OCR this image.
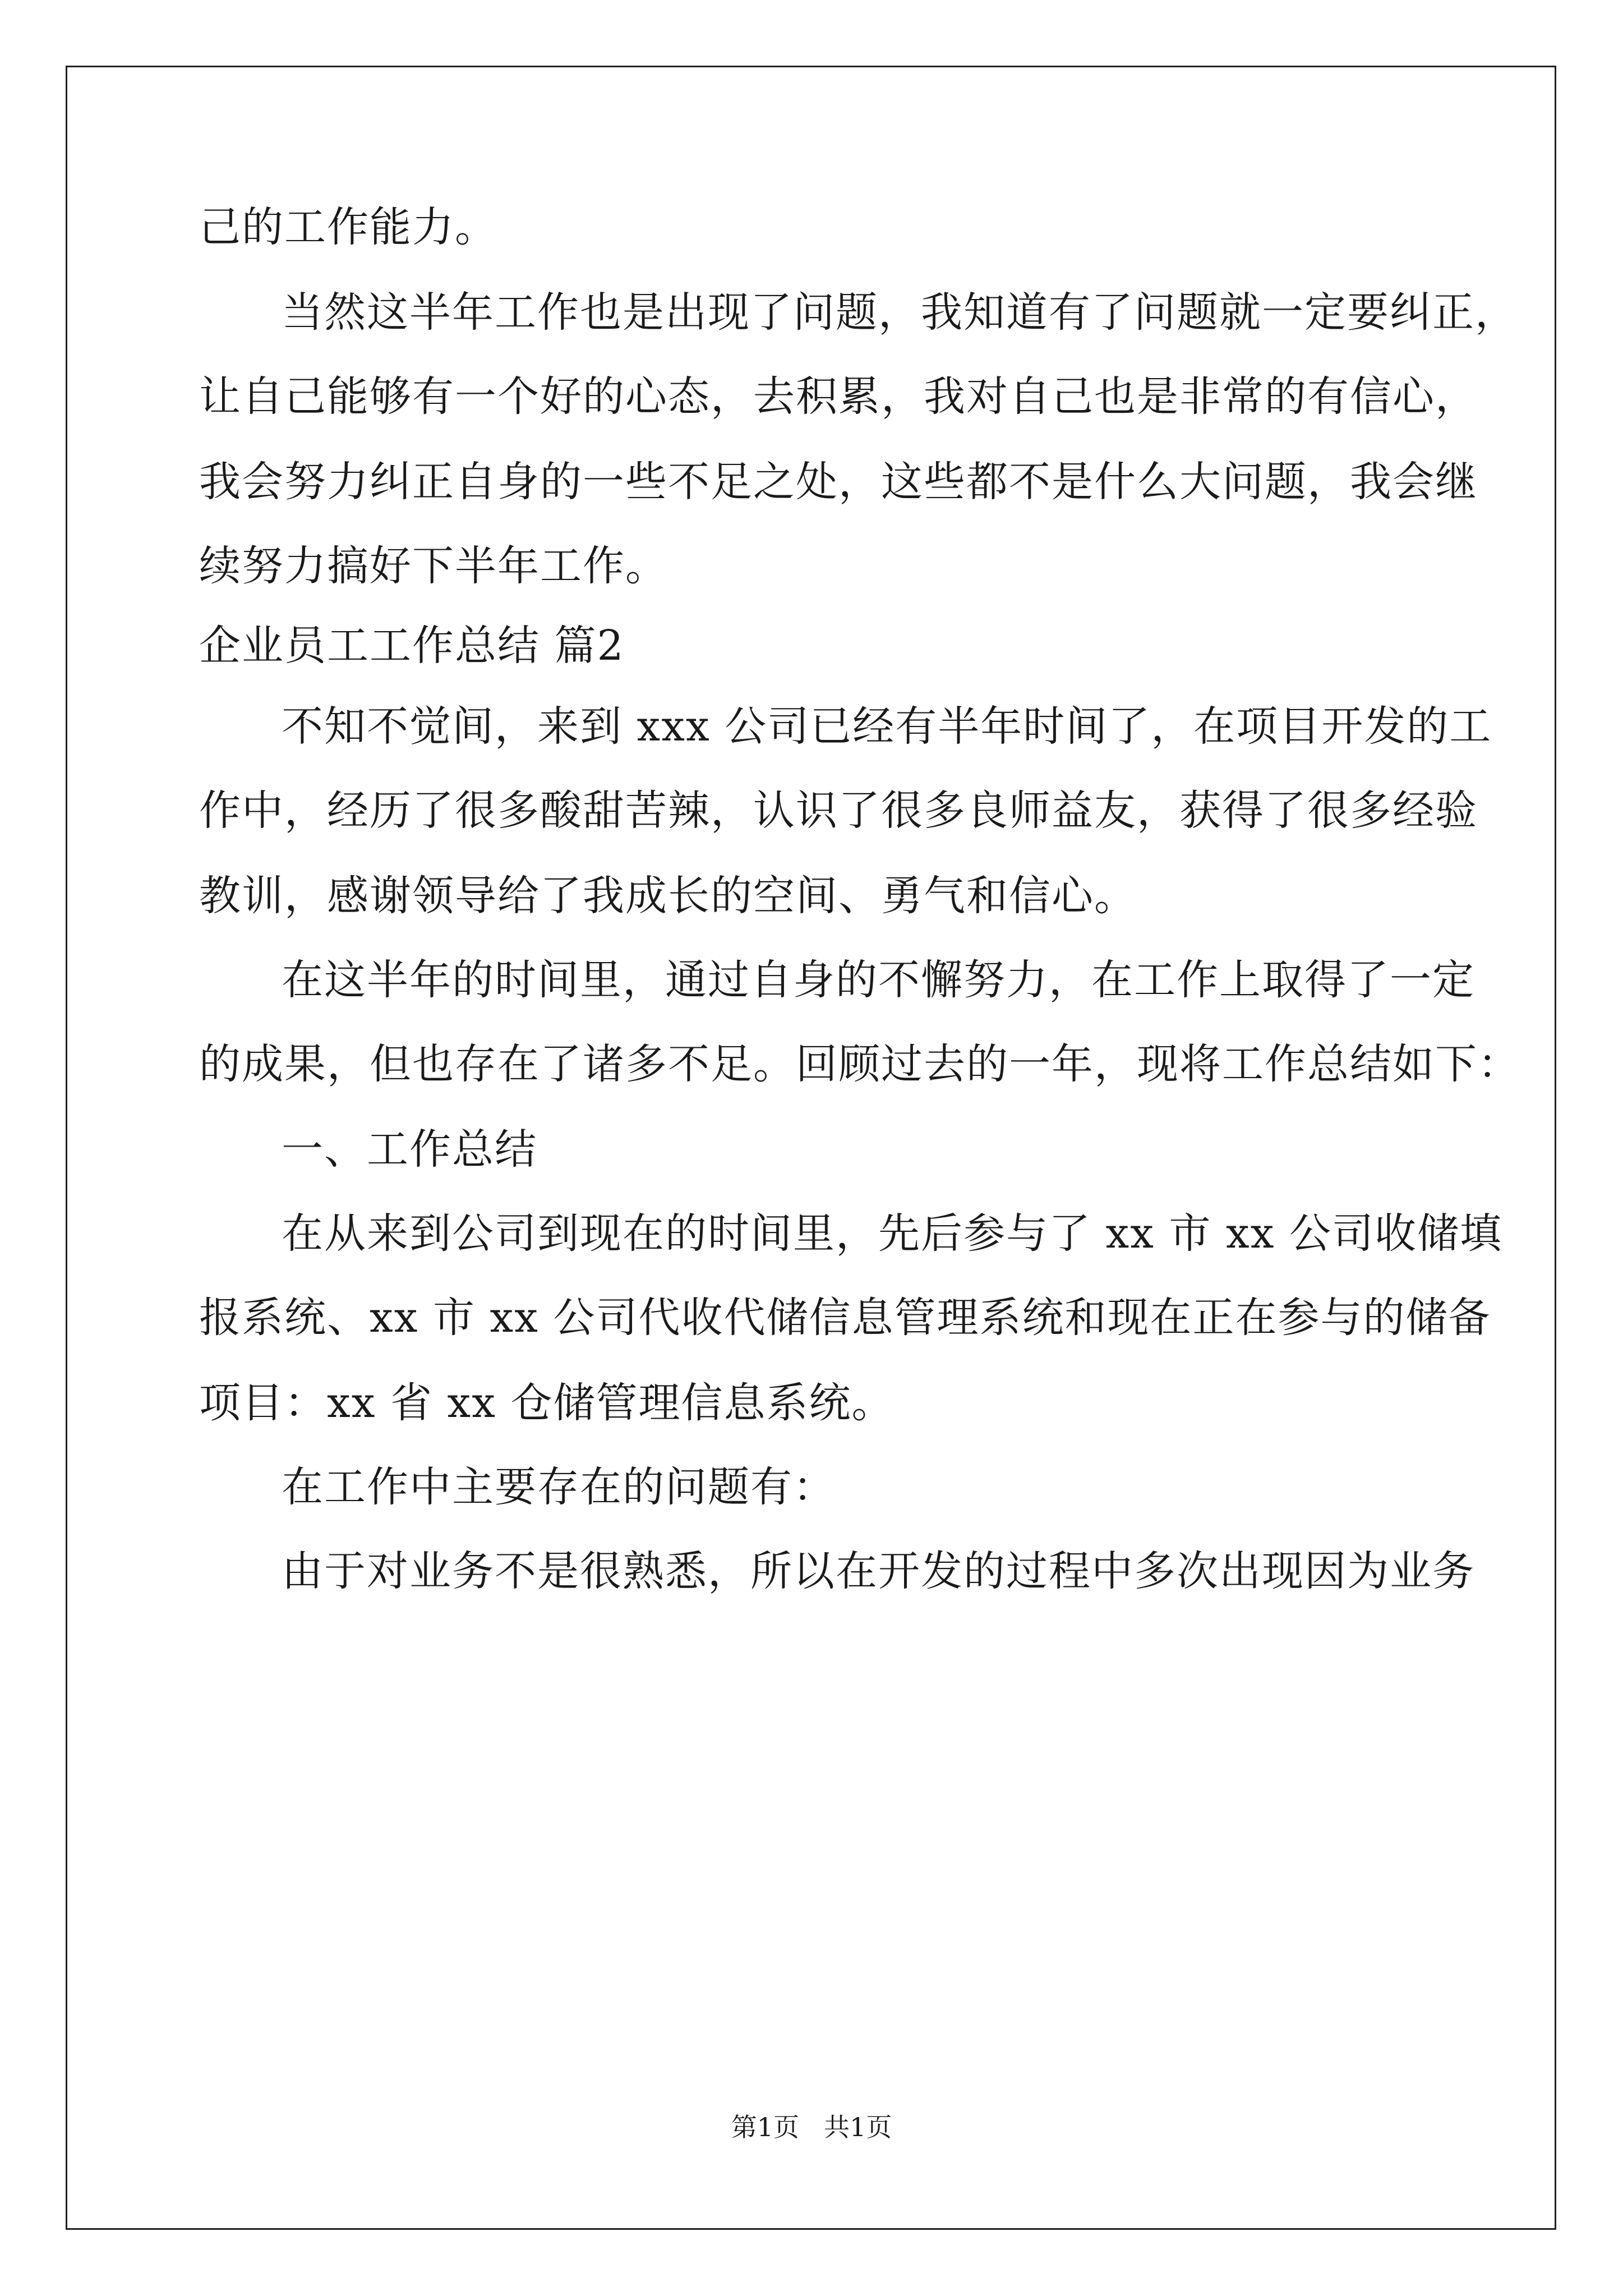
己的工作能力。
当然这半年工作也是出现了问题，我知道有了问题就一定要纠正，
让自己能够有一个好的心态，去积累，我对自己也是非常的有信心，
我会努力纠正自身的一些不足之处，这些都不是什么大问题，我会继
续努力搞好下半年工作。
企业员工工作总结 篇2
不知不觉间，来到 xxx 公司已经有半年时间了，在项目开发的工
作中，经历了很多酸甜苦辣，认识了很多良师益友，获得了很多经验
教训，感谢领导给了我成长的空间、勇气和信心。
在这半年的时间里，通过自身的不懈努力，在工作上取得了一定
的成果，但也存在了诸多不足。回顾过去的一年，现将工作总结如下：
一、工作总结
在从来到公司到现在的时间里，先后参与了 xx 市 xx 公司收储填
报系统、xx 市 xx 公司代收代储信息管理系统和现在正在参与的储备
项目：xx 省 xx 仓储管理信息系统。
在工作中主要存在的问题有：
由于对业务不是很熟悉，所以在开发的过程中多次出现因为业务
第1页 共1页
